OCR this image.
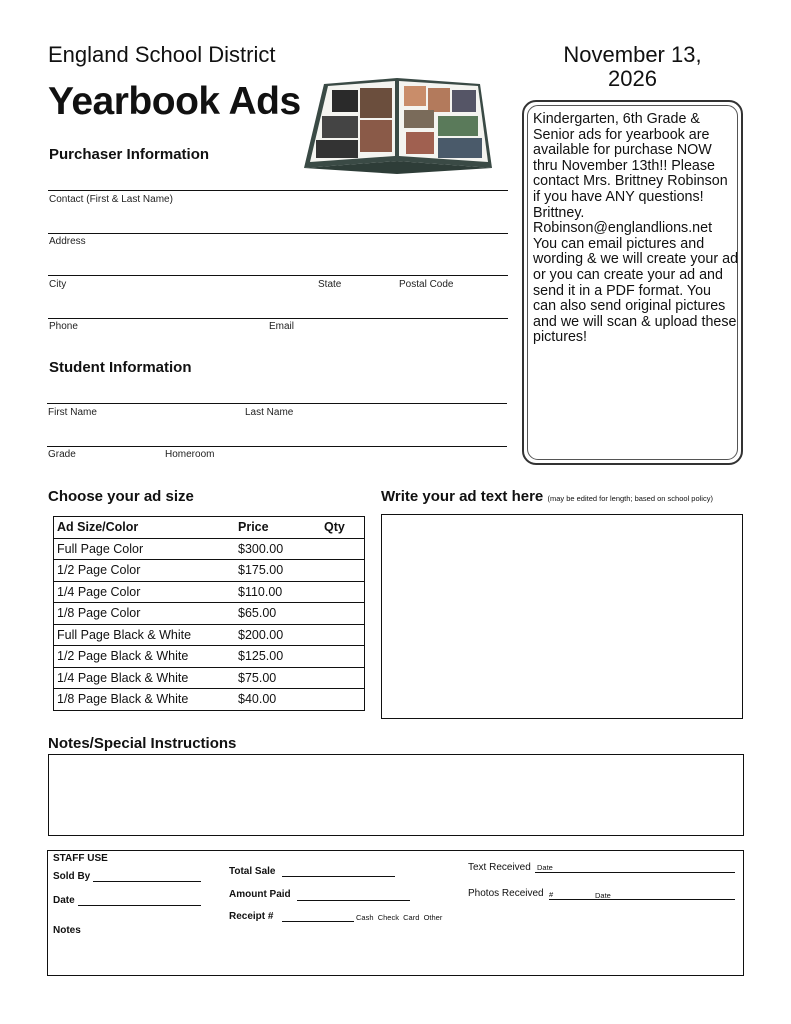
England School District
Yearbook Ads
November 13, 2026
Purchaser Information
Contact (First & Last Name)
Address
City	State	Postal Code
Phone	Email
Student Information
First Name	Last Name
Grade	Homeroom
Kindergarten, 6th Grade & Senior ads for yearbook are available for purchase NOW thru November 13th!! Please contact Mrs. Brittney Robinson if you have ANY questions! Brittney. Robinson@englandlions.net You can email pictures and wording & we will create your ad or you can create your ad and send it in a PDF format. You can also send original pictures and we will scan & upload these pictures!
Choose your ad size
Ad Size/Color	Price	Qty
Full Page Color	$300.00	
1/2 Page Color	$175.00	
1/4 Page Color	$110.00	
1/8 Page Color	$65.00	
Full Page Black & White	$200.00	
1/2 Page Black & White	$125.00	
1/4 Page Black & White	$75.00	
1/8 Page Black & White	$40.00	
Write your ad text here (may be edited for length; based on school policy)
Notes/Special Instructions
STAFF USE
Sold By
Date
Notes
Total Sale
Amount Paid
Receipt #	Cash Check Card Other
Text Received Date
Photos Received #	Date
